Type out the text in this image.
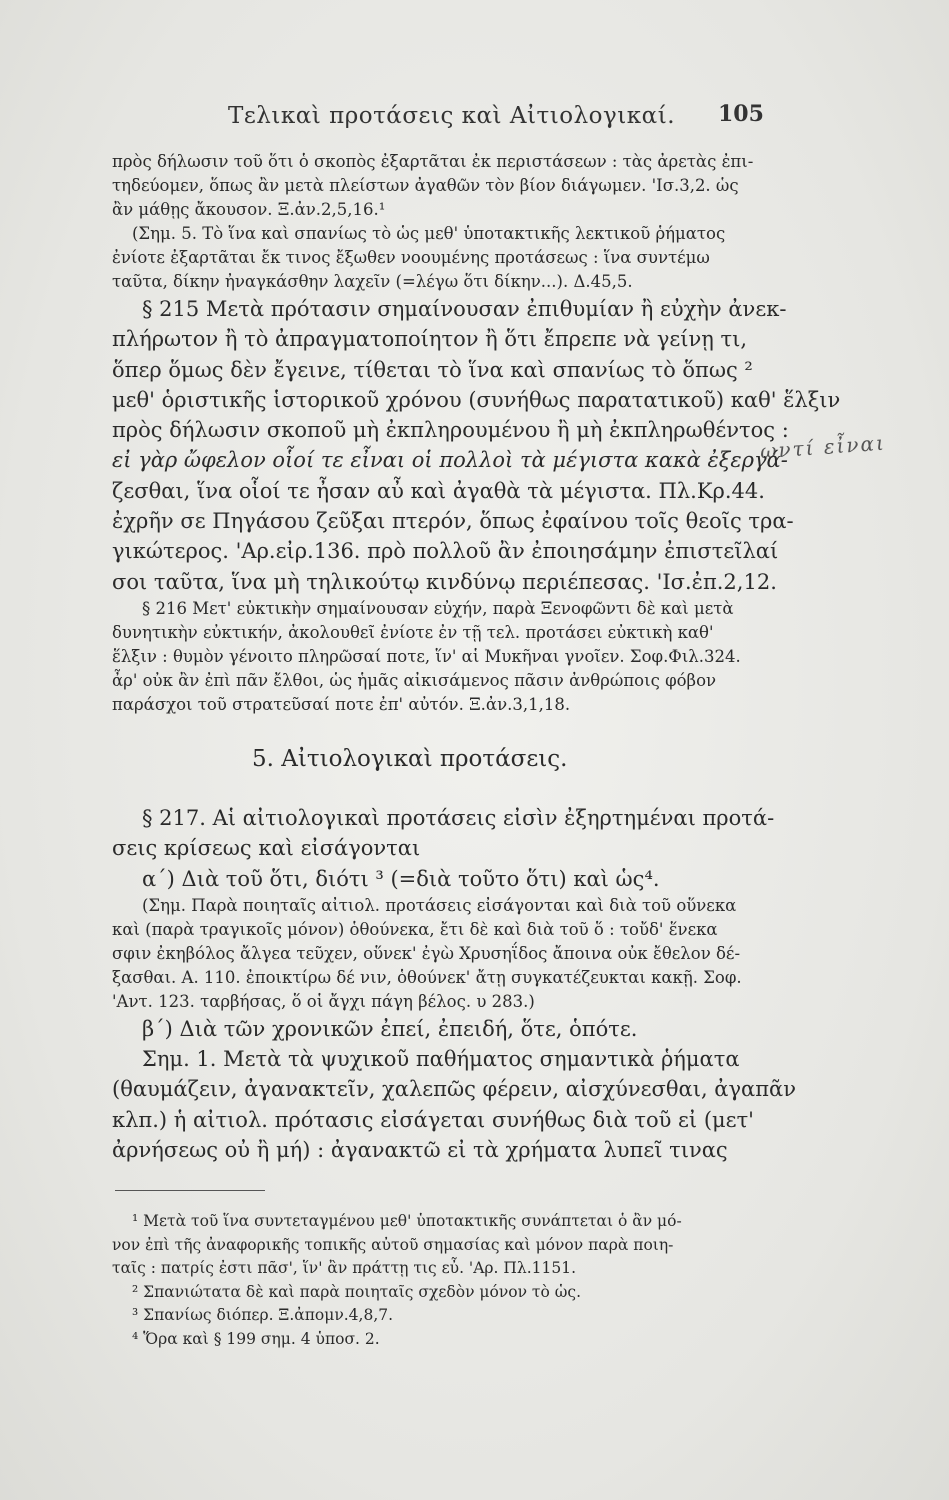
Τελικαὶ προτάσεις καὶ Αἰτιολογικαί. 105
ωντί εἶναι
πρὸς δήλωσιν τοῦ ὅτι ὁ σκοπὸς ἐξαρτᾶται ἐκ περιστάσεων : τὰς ἀρετὰς ἐπι-
τηδεύομεν, ὅπως ἂν μετὰ πλείστων ἀγαθῶν τὸν βίον διάγωμεν. 'Ισ.3,2. ὡς
ἂν μάθῃς ἄκουσον. Ξ.ἀν.2,5,16.¹
(Σημ. 5. Τὸ ἵνα καὶ σπανίως τὸ ὡς μεθ' ὑποτακτικῆς λεκτικοῦ ῥήματος
ἐνίοτε ἐξαρτᾶται ἔκ τινος ἔξωθεν νοουμένης προτάσεως : ἵνα συντέμω
ταῦτα, δίκην ἠναγκάσθην λαχεῖν (=λέγω ὅτι δίκην...). Δ.45,5.
§ 215 Μετὰ πρότασιν σημαίνουσαν ἐπιθυμίαν ἢ εὐχὴν ἀνεκ-
πλήρωτον ἢ τὸ ἀπραγματοποίητον ἢ ὅτι ἔπρεπε νὰ γείνῃ τι,
ὅπερ ὅμως δὲν ἔγεινε, τίθεται τὸ ἵνα καὶ σπανίως τὸ ὅπως ²
μεθ' ὁριστικῆς ἱστορικοῦ χρόνου (συνήθως παρατατικοῦ) καθ' ἕλξιν
πρὸς δήλωσιν σκοποῦ μὴ ἐκπληρουμένου ἢ μὴ ἐκπληρωθέντος :
εἰ γὰρ ὤφελον οἷοί τε εἶναι οἱ πολλοὶ τὰ μέγιστα κακὰ ἐξεργά-
ζεσθαι, ἵνα οἷοί τε ἦσαν αὖ καὶ ἀγαθὰ τὰ μέγιστα. Πλ.Κρ.44.
ἐχρῆν σε Πηγάσου ζεῦξαι πτερόν, ὅπως ἐφαίνου τοῖς θεοῖς τρα-
γικώτερος. 'Αρ.εἰρ.136. πρὸ πολλοῦ ἂν ἐποιησάμην ἐπιστεῖλαί
σοι ταῦτα, ἵνα μὴ τηλικούτῳ κινδύνῳ περιέπεσας. 'Ισ.ἐπ.2,12.
§ 216 Μετ' εὐκτικὴν σημαίνουσαν εὐχήν, παρὰ Ξενοφῶντι δὲ καὶ μετὰ
δυνητικὴν εὐκτικήν, ἀκολουθεῖ ἐνίοτε ἐν τῇ τελ. προτάσει εὐκτικὴ καθ'
ἕλξιν : θυμὸν γένοιτο πληρῶσαί ποτε, ἵν' αἱ Μυκῆναι γνοῖεν. Σοφ.Φιλ.324.
ἆρ' οὐκ ἂν ἐπὶ πᾶν ἔλθοι, ὡς ἡμᾶς αἰκισάμενος πᾶσιν ἀνθρώποις φόβον
παράσχοι τοῦ στρατεῦσαί ποτε ἐπ' αὐτόν. Ξ.ἀν.3,1,18.
5. Αἰτιολογικαὶ προτάσεις.
§ 217. Αἱ αἰτιολογικαὶ προτάσεις εἰσὶν ἐξηρτημέναι προτά-
σεις κρίσεως καὶ εἰσάγονται
α΄) Διὰ τοῦ ὅτι, διότι ³ (=διὰ τοῦτο ὅτι) καὶ ὡς⁴.
(Σημ. Παρὰ ποιηταῖς αἰτιολ. προτάσεις εἰσάγονται καὶ διὰ τοῦ οὕνεκα
καὶ (παρὰ τραγικοῖς μόνον) ὁθούνεκα, ἔτι δὲ καὶ διὰ τοῦ ὅ : τοὔδ' ἕνεκα
σφιν ἐκηβόλος ἄλγεα τεῦχεν, οὕνεκ' ἐγὼ Χρυσηΐδος ἄποινα οὐκ ἔθελον δέ-
ξασθαι. Α. 110. ἐποικτίρω δέ νιν, ὁθούνεκ' ἄτῃ συγκατέζευκται κακῇ. Σοφ.
'Αντ. 123. ταρβήσας, ὅ οἱ ἄγχι πάγη βέλος. υ 283.)
β΄) Διὰ τῶν χρονικῶν ἐπεί, ἐπειδή, ὅτε, ὁπότε.
Σημ. 1. Μετὰ τὰ ψυχικοῦ παθήματος σημαντικὰ ῥήματα
(θαυμάζειν, ἀγανακτεῖν, χαλεπῶς φέρειν, αἰσχύνεσθαι, ἀγαπᾶν
κλπ.) ἡ αἰτιολ. πρότασις εἰσάγεται συνήθως διὰ τοῦ εἰ (μετ'
ἀρνήσεως οὐ ἢ μή) : ἀγανακτῶ εἰ τὰ χρήματα λυπεῖ τινας
¹ Μετὰ τοῦ ἵνα συντεταγμένου μεθ' ὑποτακτικῆς συνάπτεται ὁ ἂν μό-
νον ἐπὶ τῆς ἀναφορικῆς τοπικῆς αὐτοῦ σημασίας καὶ μόνον παρὰ ποιη-
ταῖς : πατρίς ἐστι πᾶσ', ἵν' ἂν πράττῃ τις εὖ. 'Αρ. Πλ.1151.
² Σπανιώτατα δὲ καὶ παρὰ ποιηταῖς σχεδὸν μόνον τὸ ὡς.
³ Σπανίως διόπερ. Ξ.ἀπομν.4,8,7.
⁴ Ὅρα καὶ § 199 σημ. 4 ὑποσ. 2.
